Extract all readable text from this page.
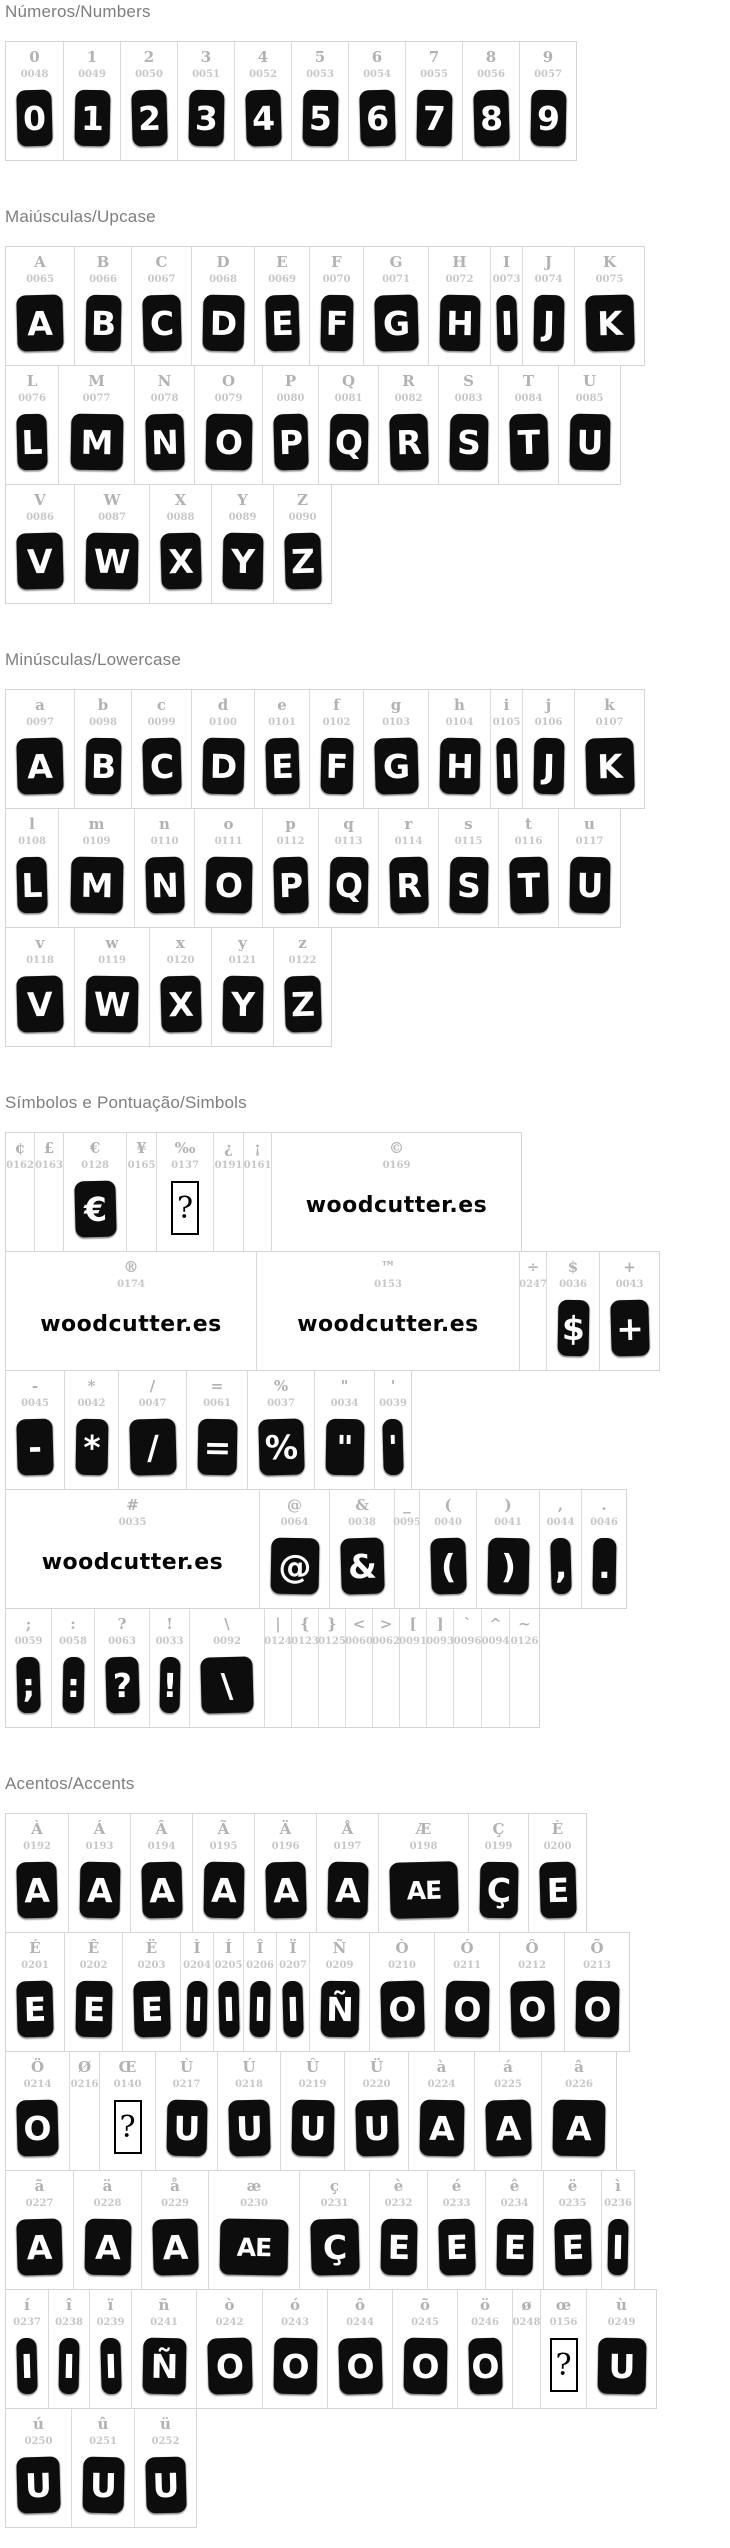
Números/Numbers
0
0048
0
1
0049
1
2
0050
2
3
0051
3
4
0052
4
5
0053
5
6
0054
6
7
0055
7
8
0056
8
9
0057
9
Maiúsculas/Upcase
A
0065
A
B
0066
B
C
0067
C
D
0068
D
E
0069
E
F
0070
F
G
0071
G
H
0072
H
I
0073
I
J
0074
J
K
0075
K
L
0076
L
M
0077
M
N
0078
N
O
0079
O
P
0080
P
Q
0081
Q
R
0082
R
S
0083
S
T
0084
T
U
0085
U
V
0086
V
W
0087
W
X
0088
X
Y
0089
Y
Z
0090
Z
Minúsculas/Lowercase
a
0097
A
b
0098
B
c
0099
C
d
0100
D
e
0101
E
f
0102
F
g
0103
G
h
0104
H
i
0105
I
j
0106
J
k
0107
K
l
0108
L
m
0109
M
n
0110
N
o
0111
O
p
0112
P
q
0113
Q
r
0114
R
s
0115
S
t
0116
T
u
0117
U
v
0118
V
w
0119
W
x
0120
X
y
0121
Y
z
0122
Z
Símbolos e Pontuação/Simbols
¢
0162
£
0163
€
0128
€
¥
0165
‰
0137
?
¿
0191
¡
0161
©
0169
woodcutter.es
®
0174
woodcutter.es
™
0153
woodcutter.es
÷
0247
$
0036
$
+
0043
+
-
0045
-
*
0042
*
/
0047
/
=
0061
=
%
0037
%
"
0034
"
'
0039
'
#
0035
woodcutter.es
@
0064
@
&
0038
&
_
0095
(
0040
(
)
0041
)
,
0044
,
.
0046
.
;
0059
;
:
0058
:
?
0063
?
!
0033
!
\
0092
\
|
0124
{
0123
}
0125
<
0060
>
0062
[
0091
]
0093
`
0096
^
0094
~
0126
Acentos/Accents
À
0192
A
Á
0193
A
Â
0194
A
Ã
0195
A
Ä
0196
A
Å
0197
A
Æ
0198
AE
Ç
0199
Ç
È
0200
E
É
0201
E
Ê
0202
E
Ë
0203
E
Ì
0204
I
Í
0205
I
Î
0206
I
Ï
0207
I
Ñ
0209
Ñ
Ò
0210
O
Ó
0211
O
Ô
0212
O
Õ
0213
O
Ö
0214
O
Ø
0216
Œ
0140
?
Ù
0217
U
Ú
0218
U
Û
0219
U
Ü
0220
U
à
0224
A
á
0225
A
â
0226
A
ã
0227
A
ä
0228
A
å
0229
A
æ
0230
AE
ç
0231
Ç
è
0232
E
é
0233
E
ê
0234
E
ë
0235
E
ì
0236
I
í
0237
I
î
0238
I
ï
0239
I
ñ
0241
Ñ
ò
0242
O
ó
0243
O
ô
0244
O
õ
0245
O
ö
0246
O
ø
0248
œ
0156
?
ù
0249
U
ú
0250
U
û
0251
U
ü
0252
U
